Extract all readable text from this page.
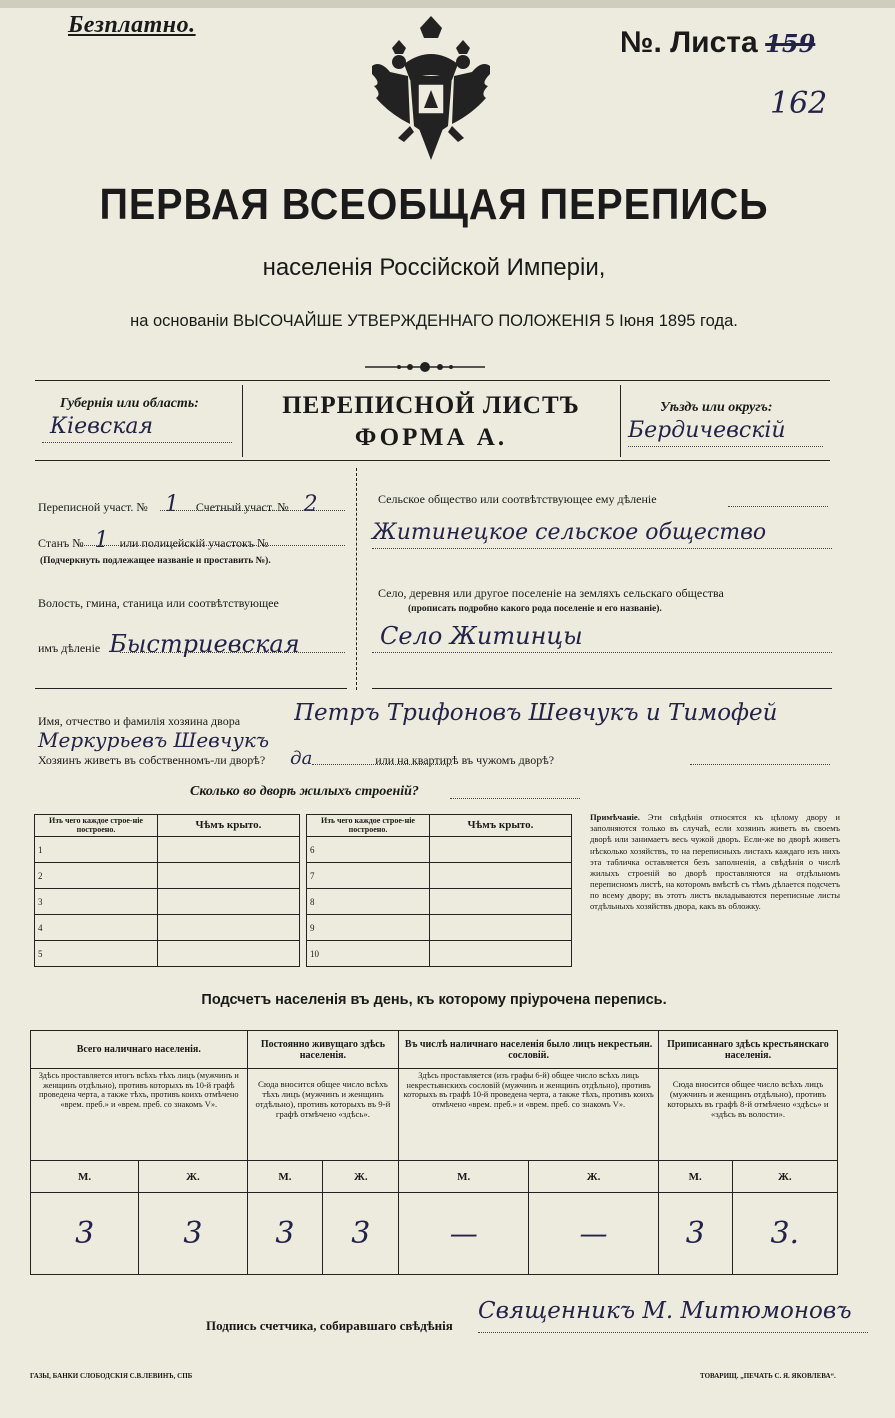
Безплатно.
№. Листа 159
162
ПЕРВАЯ ВСЕОБЩАЯ ПЕРЕПИСЬ
населенія Россійской Имперіи,
на основаніи ВЫСОЧАЙШЕ УТВЕРЖДЕННАГО ПОЛОЖЕНІЯ 5 Іюня 1895 года.
Губернія или область:
Кіевская
ПЕРЕПИСНОЙ ЛИСТЪ
ФОРМА А.
Уѣздъ или округъ:
Бердичевскій
Переписной участ. № 1 Счетный участ. № 2
Станъ № 1 или полицейскій участокъ №
(Подчеркнуть подлежащее названіе и проставить №).
Волость, гмина, станица или соотвѣтствующее
имъ дѣленіе Быстриевская
Сельское общество или соотвѣтствующее ему дѣленіе
Житинецкое сельское общество
Село, деревня или другое поселеніе на земляхъ сельскаго общества
(прописать подробно какого рода поселеніе и его названіе).
Село Житинцы
Имя, отчество и фамилія хозяина двора Петръ Трифоновъ Шевчукъ и Тимофей
Меркурьевъ Шевчукъ
Хозяинъ живетъ въ собственномъ-ли дворѣ? да	или на квартирѣ въ чужомъ дворѣ?
Сколько во дворѣ жилыхъ строеній?
Изъ чего каждое строе-ніе построено.	Чѣмъ крыто.
1	
2	
3	
4	
5	
Изъ чего каждое строе-ніе построено.	Чѣмъ крыто.
6	
7	
8	
9	
10	
Примѣчаніе. Эти свѣдѣнія относятся къ цѣлому двору и заполняются только въ случаѣ, если хозяинъ живетъ въ своемъ дворѣ или занимаетъ весь чужой дворъ. Если-же во дворѣ живетъ нѣсколько хозяйствъ, то на переписныхъ листахъ каждаго изъ нихъ эта табличка оставляется безъ заполненія, а свѣдѣнія о числѣ жилыхъ строеній во дворѣ проставляются на отдѣльномъ переписномъ листѣ, на которомъ вмѣстѣ съ тѣмъ дѣлается подсчетъ по всему двору; въ этотъ листъ вкладываются переписные листы отдѣльныхъ хозяйствъ двора, какъ въ обложку.
Подсчетъ населенія въ день, къ которому пріурочена перепись.
Всего наличнаго населенія.		Постоянно живущаго здѣсь населенія.		Въ числѣ наличнаго населенія было лицъ некрестьян. сословій.		Приписаннаго здѣсь крестьянскаго населенія.	
Здѣсь проставляется итогъ всѣхъ тѣхъ лицъ (мужчинъ и женщинъ отдѣльно), противъ которыхъ въ 10-й графѣ проведена черта, а также тѣхъ, противъ коихъ отмѣчено «врем. преб.» и «врем. преб. со знакомъ V».		Сюда вносится общее число всѣхъ тѣхъ лицъ (мужчинъ и женщинъ отдѣльно), противъ которыхъ въ 9-й графѣ отмѣчено «здѣсь».		Здѣсь проставляется (изъ графы 6-й) общее число всѣхъ лицъ некрестьянскихъ сословій (мужчинъ и женщинъ отдѣльно), противъ которыхъ въ графѣ 10-й проведена черта, а также тѣхъ, противъ коихъ отмѣчено «врем. преб.» и «врем. преб. со знакомъ V».		Сюда вносится общее число всѣхъ лицъ (мужчинъ и женщинъ отдѣльно), противъ которыхъ въ графѣ 8-й отмѣчено «здѣсь» и «здѣсь въ волости».	
М.	Ж.	М.	Ж.	М.	Ж.	М.	Ж.
3	3	3	3	—	—	3	3.
Подпись счетчика, собиравшаго свѣдѣнія
Священникъ М. Митюмоновъ
ГАЗЫ, БАНКИ СЛОБОДСКІЯ С.В.ЛЕВИНЪ, СПБ	ТОВАРИЩ. „ПЕЧАТЬ С. Я. ЯКОВЛЕВА“.
